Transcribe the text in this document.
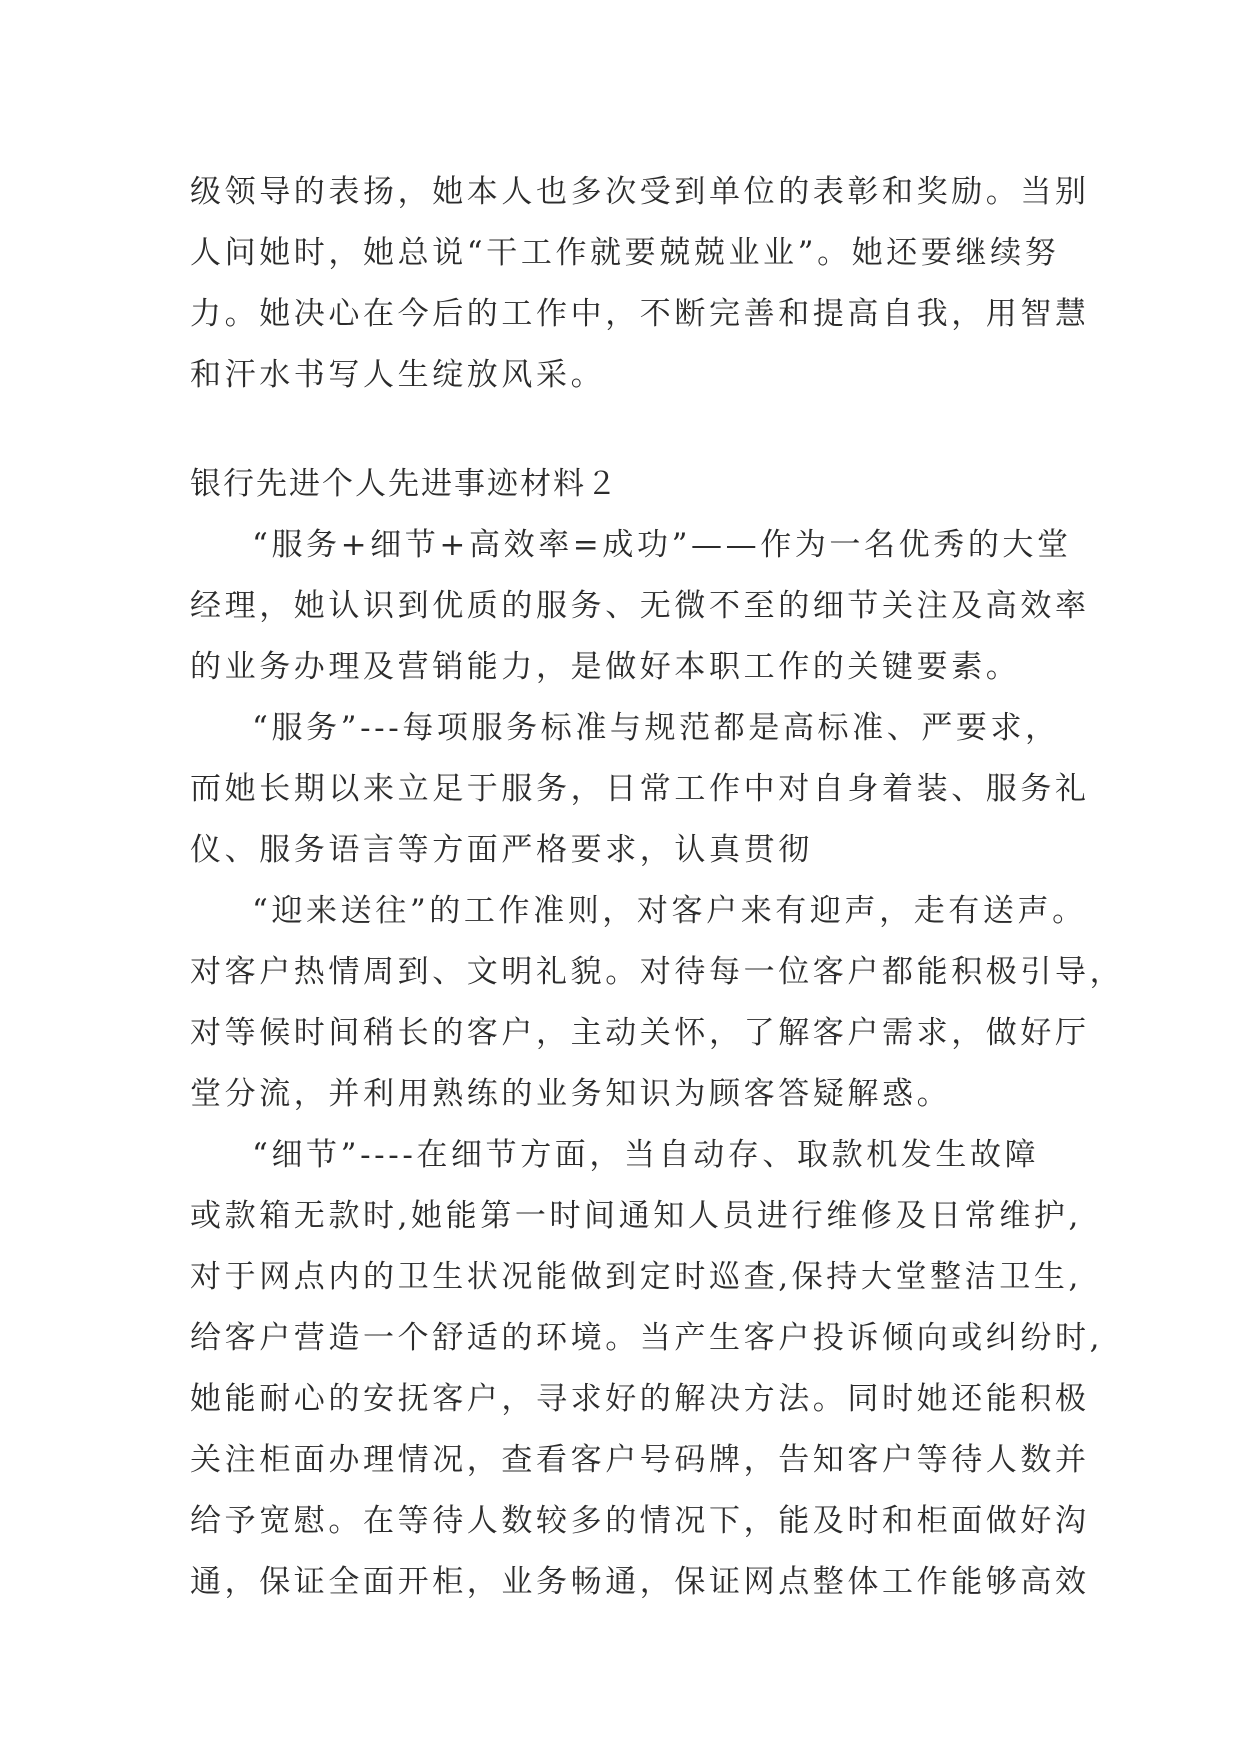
级领导的表扬，她本人也多次受到单位的表彰和奖励。当别
人问她时，她总说“干工作就要兢兢业业”。她还要继续努
力。她决心在今后的工作中，不断完善和提高自我，用智慧
和汗水书写人生绽放风采。
银行先进个人先进事迹材料２
“服务+细节+高效率=成功”——作为一名优秀的大堂
经理，她认识到优质的服务、无微不至的细节关注及高效率
的业务办理及营销能力，是做好本职工作的关键要素。
“服务”---每项服务标准与规范都是高标准、严要求，
而她长期以来立足于服务，日常工作中对自身着装、服务礼
仪、服务语言等方面严格要求，认真贯彻
“迎来送往”的工作准则，对客户来有迎声，走有送声。
对客户热情周到、文明礼貌。对待每一位客户都能积极引导，
对等候时间稍长的客户，主动关怀，了解客户需求，做好厅
堂分流，并利用熟练的业务知识为顾客答疑解惑。
“细节”----在细节方面，当自动存、取款机发生故障
或款箱无款时,她能第一时间通知人员进行维修及日常维护,
对于网点内的卫生状况能做到定时巡查,保持大堂整洁卫生,
给客户营造一个舒适的环境。当产生客户投诉倾向或纠纷时,
她能耐心的安抚客户，寻求好的解决方法。同时她还能积极
关注柜面办理情况，查看客户号码牌，告知客户等待人数并
给予宽慰。在等待人数较多的情况下，能及时和柜面做好沟
通，保证全面开柜，业务畅通，保证网点整体工作能够高效
